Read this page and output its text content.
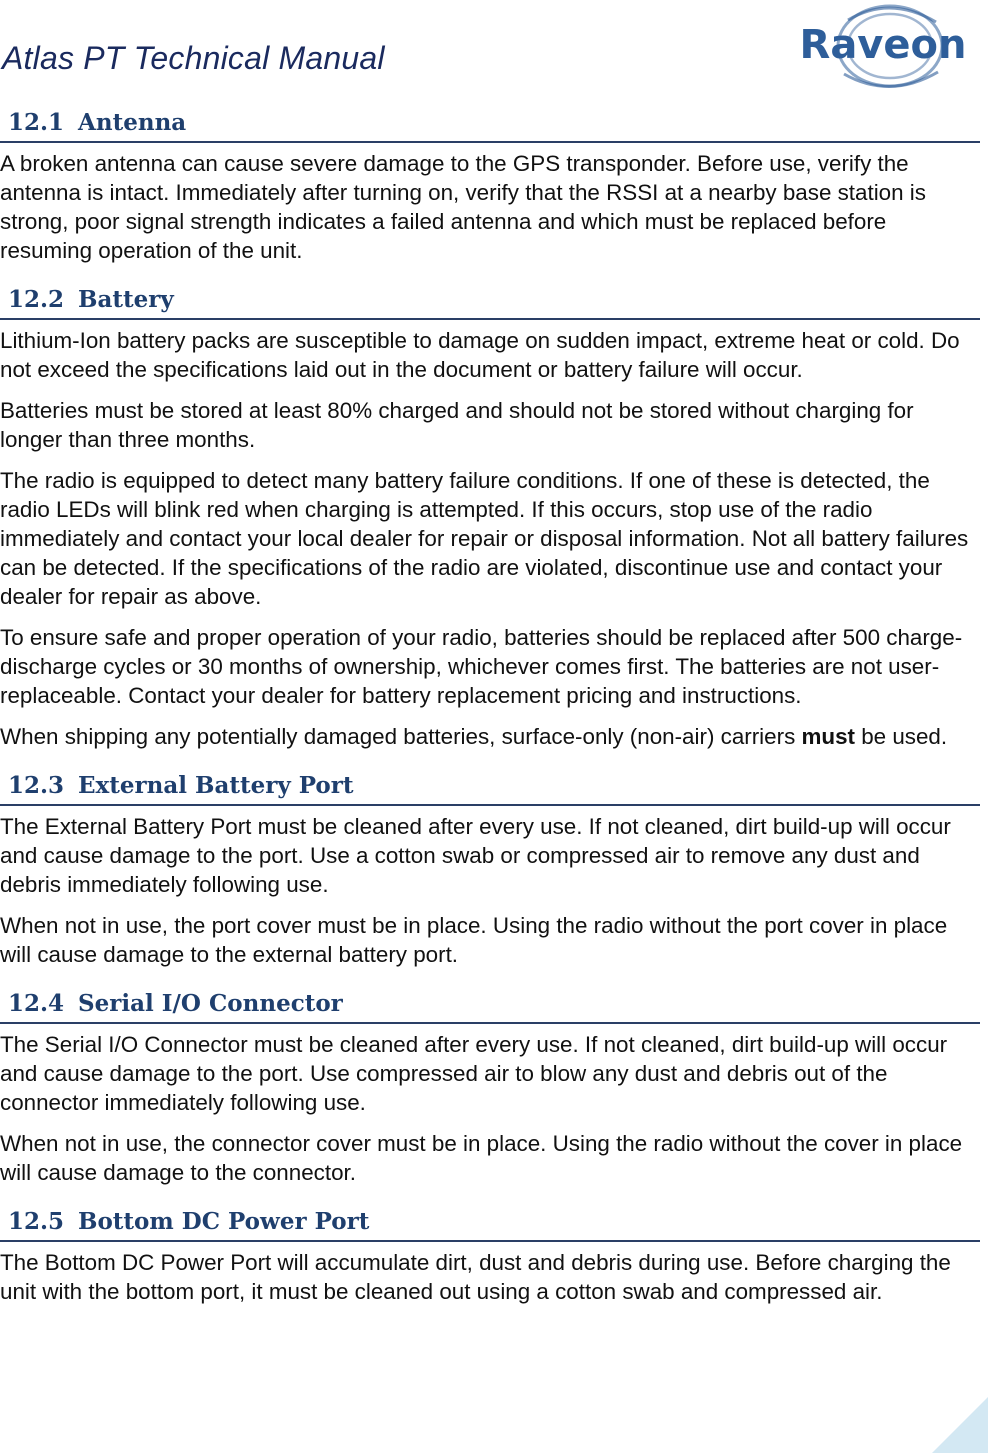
Atlas PT Technical Manual	Raveon
12.1 Antenna

A broken antenna can cause severe damage to the GPS transponder. Before use, verify the antenna is intact. Immediately after turning on, verify that the RSSI at a nearby base station is strong, poor signal strength indicates a failed antenna and which must be replaced before resuming operation of the unit.

12.2 Battery

Lithium-Ion battery packs are susceptible to damage on sudden impact, extreme heat or cold. Do not exceed the specifications laid out in the document or battery failure will occur.

Batteries must be stored at least 80% charged and should not be stored without charging for longer than three months.

The radio is equipped to detect many battery failure conditions. If one of these is detected, the radio LEDs will blink red when charging is attempted. If this occurs, stop use of the radio immediately and contact your local dealer for repair or disposal information. Not all battery failures can be detected. If the specifications of the radio are violated, discontinue use and contact your dealer for repair as above.

To ensure safe and proper operation of your radio, batteries should be replaced after 500 charge-discharge cycles or 30 months of ownership, whichever comes first. The batteries are not user-replaceable. Contact your dealer for battery replacement pricing and instructions.

When shipping any potentially damaged batteries, surface-only (non-air) carriers must be used.

12.3 External Battery Port

The External Battery Port must be cleaned after every use. If not cleaned, dirt build-up will occur and cause damage to the port. Use a cotton swab or compressed air to remove any dust and debris immediately following use.

When not in use, the port cover must be in place. Using the radio without the port cover in place will cause damage to the external battery port.

12.4 Serial I/O Connector

The Serial I/O Connector must be cleaned after every use. If not cleaned, dirt build-up will occur and cause damage to the port. Use compressed air to blow any dust and debris out of the connector immediately following use.

When not in use, the connector cover must be in place. Using the radio without the cover in place will cause damage to the connector.

12.5 Bottom DC Power Port

The Bottom DC Power Port will accumulate dirt, dust and debris during use. Before charging the unit with the bottom port, it must be cleaned out using a cotton swab and compressed air.
